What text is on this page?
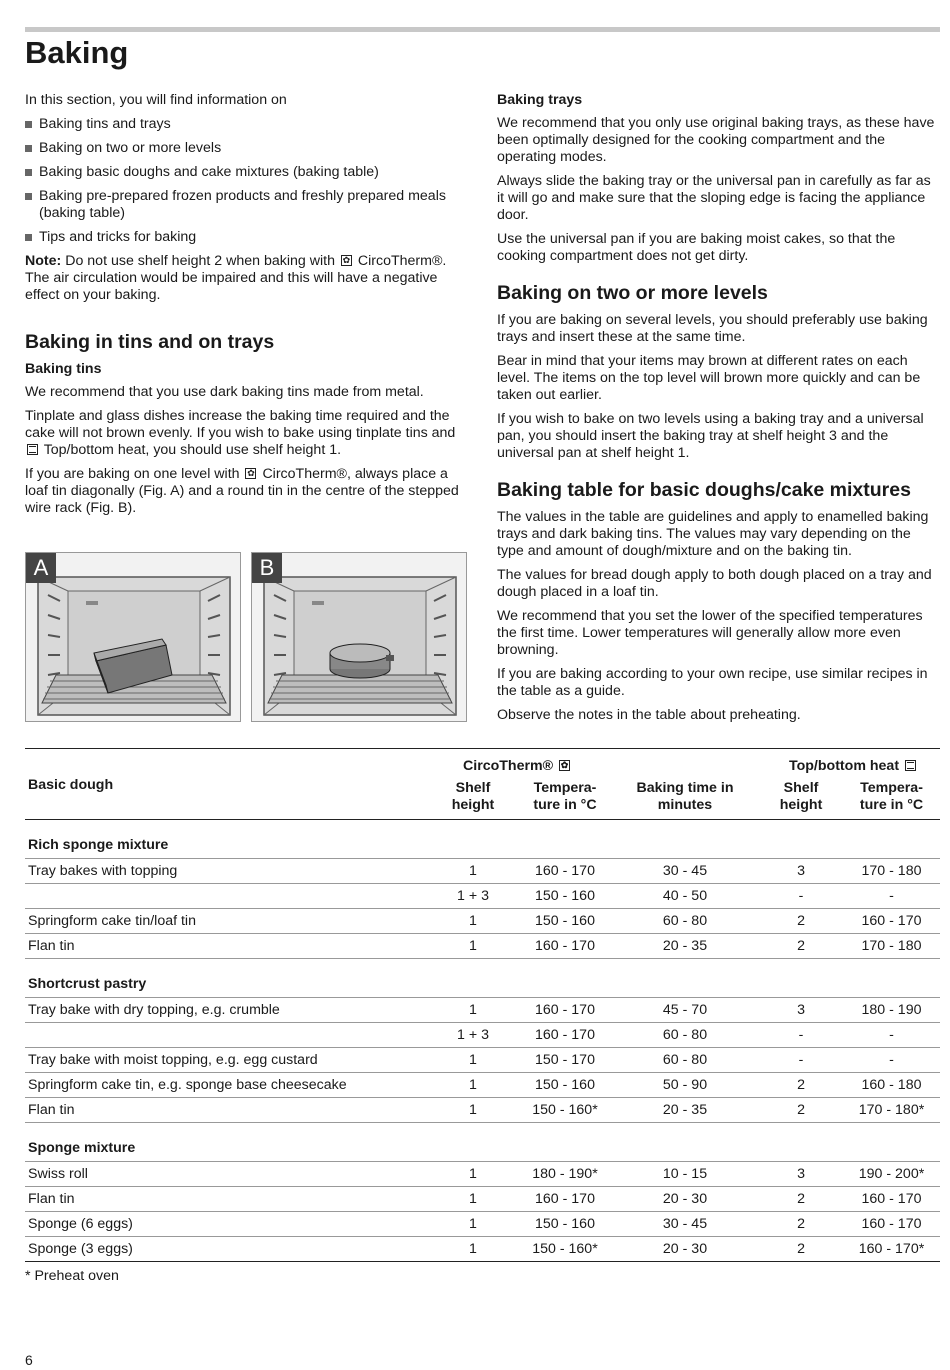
Baking

In this section, you will find information on

Baking tins and trays
Baking on two or more levels
Baking basic doughs and cake mixtures (baking table)
Baking pre-prepared frozen products and freshly prepared meals (baking table)
Tips and tricks for baking

Note: Do not use shelf height 2 when baking with ✿ CircoTherm®. The air circulation would be impaired and this will have a negative effect on your baking.

Baking in tins and on trays
Baking tins

We recommend that you use dark baking tins made from metal.

Tinplate and glass dishes increase the baking time required and the cake will not brown evenly. If you wish to bake using tinplate tins and  Top/bottom heat, you should use shelf height 1.

If you are baking on one level with ✿ CircoTherm®, always place a loaf tin diagonally (Fig. A) and a round tin in the centre of the stepped wire rack (Fig. B).

A	B
Baking trays

We recommend that you only use original baking trays, as these have been optimally designed for the cooking compartment and the operating modes.

Always slide the baking tray or the universal pan in carefully as far as it will go and make sure that the sloping edge is facing the appliance door.

Use the universal pan if you are baking moist cakes, so that the cooking compartment does not get dirty.

Baking on two or more levels

If you are baking on several levels, you should preferably use baking trays and insert these at the same time.

Bear in mind that your items may brown at different rates on each level. The items on the top level will brown more quickly and can be taken out earlier.

If you wish to bake on two levels using a baking tray and a universal pan, you should insert the baking tray at shelf height 3 and the universal pan at shelf height 1.

Baking table for basic doughs/cake mixtures

The values in the table are guidelines and apply to enamelled baking trays and dark baking tins. The values may vary depending on the type and amount of dough/mixture and on the baking tin.

The values for bread dough apply to both dough placed on a tray and dough placed in a loaf tin.

We recommend that you set the lower of the specified temperatures the first time. Lower temperatures will generally allow more even browning.

If you are baking according to your own recipe, use similar recipes in the table as a guide.

Observe the notes in the table about preheating.

	CircoTherm® ✿			Top/bottom heat	
Basic dough	Shelf height	Tempera-ture in °C	Baking time in minutes	Shelf height	Tempera-ture in °C
Rich sponge mixture					
Tray bakes with topping	1	160 - 170	30 - 45	3	170 - 180
	1 + 3	150 - 160	40 - 50	-	-
Springform cake tin/loaf tin	1	150 - 160	60 - 80	2	160 - 170
Flan tin	1	160 - 170	20 - 35	2	170 - 180
Shortcrust pastry					
Tray bake with dry topping, e.g. crumble	1	160 - 170	45 - 70	3	180 - 190
	1 + 3	160 - 170	60 - 80	-	-
Tray bake with moist topping, e.g. egg custard	1	150 - 170	60 - 80	-	-
Springform cake tin, e.g. sponge base cheesecake	1	150 - 160	50 - 90	2	160 - 180
Flan tin	1	150 - 160*	20 - 35	2	170 - 180*
Sponge mixture					
Swiss roll	1	180 - 190*	10 - 15	3	190 - 200*
Flan tin	1	160 - 170	20 - 30	2	160 - 170
Sponge (6 eggs)	1	150 - 160	30 - 45	2	160 - 170
Sponge (3 eggs)	1	150 - 160*	20 - 30	2	160 - 170*
* Preheat oven
6
